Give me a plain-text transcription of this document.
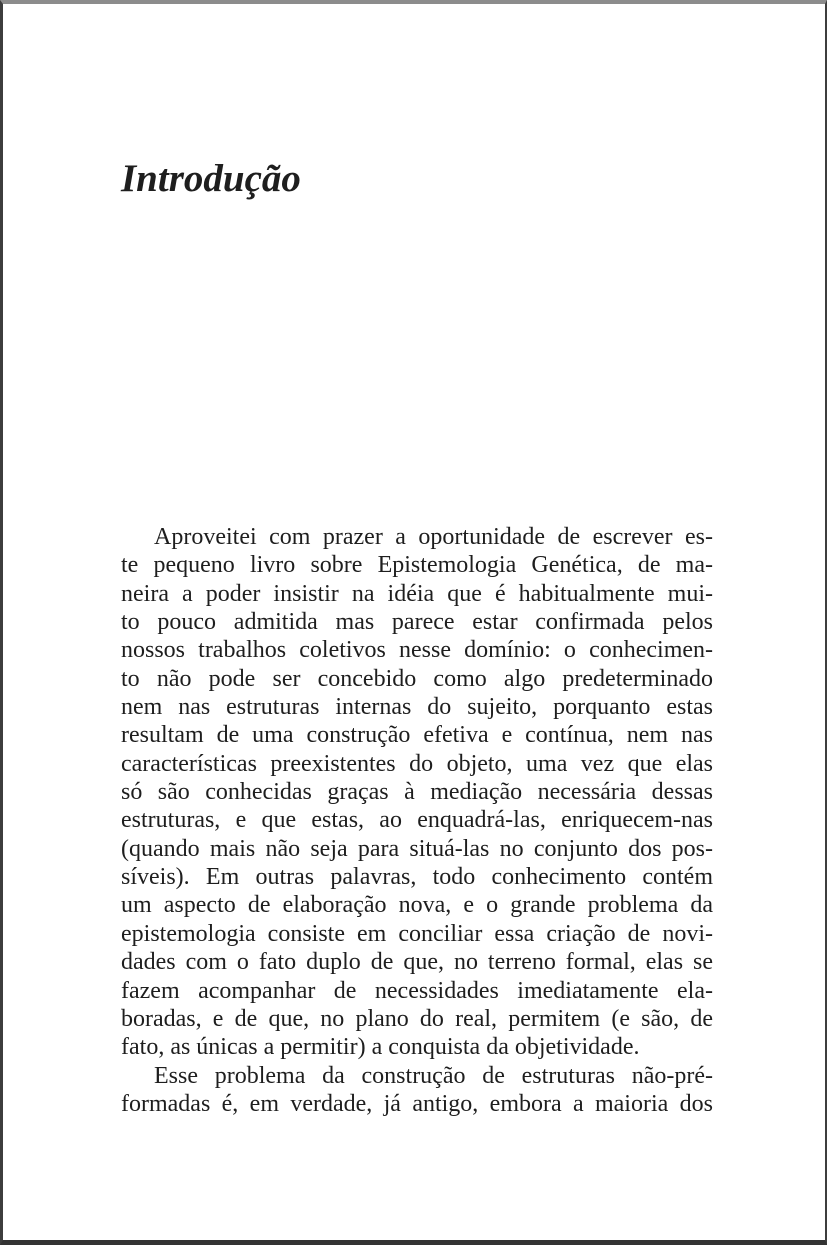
Introdução
Aproveitei com prazer a oportunidade de escrever es-
te pequeno livro sobre Epistemologia Genética, de ma-
neira a poder insistir na idéia que é habitualmente mui-
to pouco admitida mas parece estar confirmada pelos
nossos trabalhos coletivos nesse domínio: o conhecimen-
to não pode ser concebido como algo predeterminado
nem nas estruturas internas do sujeito, porquanto estas
resultam de uma construção efetiva e contínua, nem nas
características preexistentes do objeto, uma vez que elas
só são conhecidas graças à mediação necessária dessas
estruturas, e que estas, ao enquadrá-las, enriquecem-nas
(quando mais não seja para situá-las no conjunto dos pos-
síveis). Em outras palavras, todo conhecimento contém
um aspecto de elaboração nova, e o grande problema da
epistemologia consiste em conciliar essa criação de novi-
dades com o fato duplo de que, no terreno formal, elas se
fazem acompanhar de necessidades imediatamente ela-
boradas, e de que, no plano do real, permitem (e são, de
fato, as únicas a permitir) a conquista da objetividade.
Esse problema da construção de estruturas não-pré-
formadas é, em verdade, já antigo, embora a maioria dos
